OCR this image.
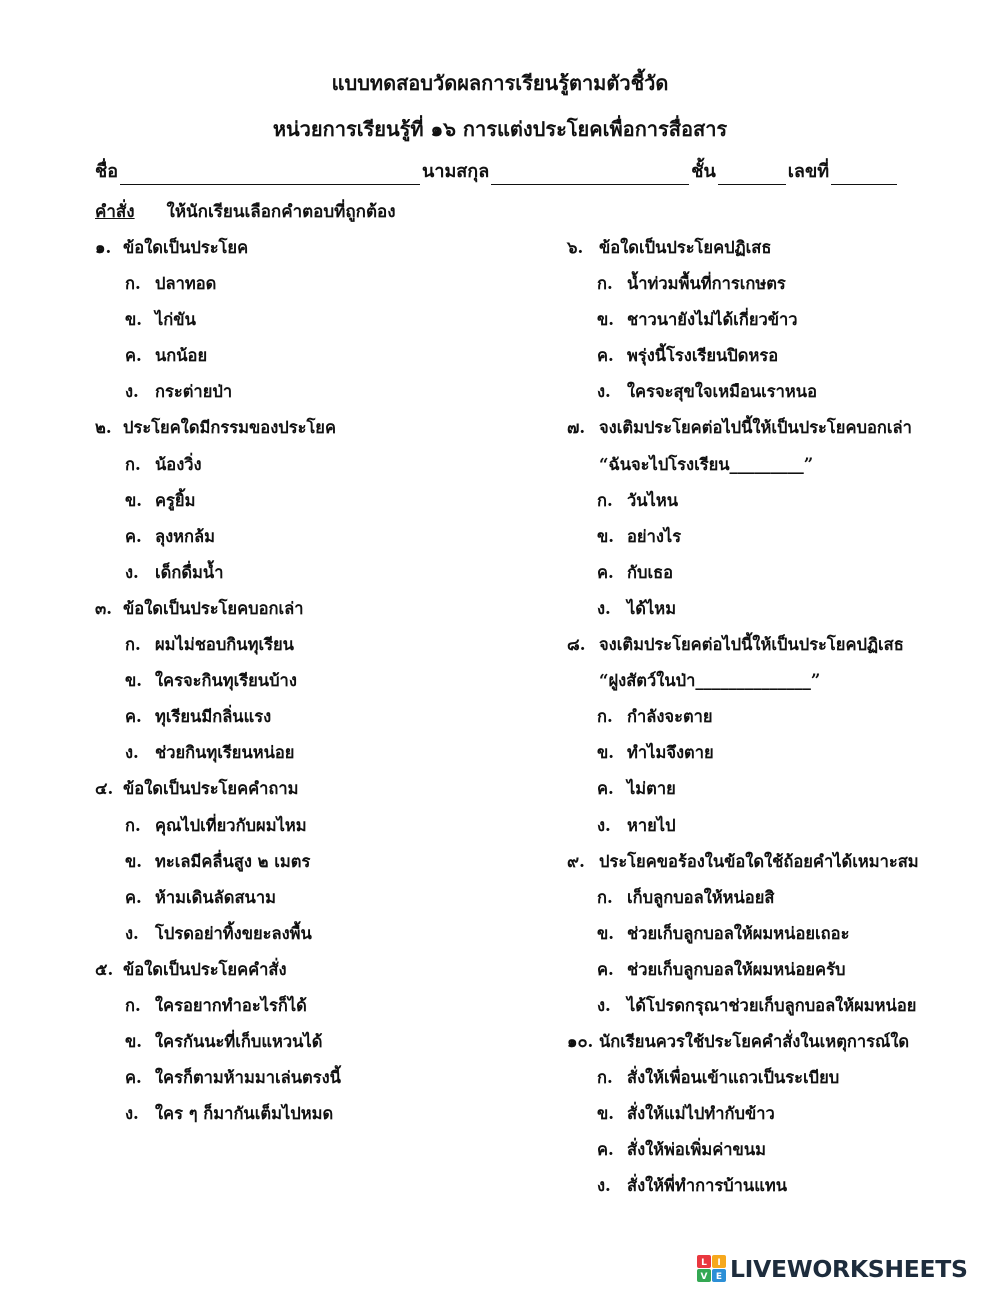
แบบทดสอบวัดผลการเรียนรู้ตามตัวชี้วัด
หน่วยการเรียนรู้ที่ ๑๖ การแต่งประโยคเพื่อการสื่อสาร
ชื่อ	นามสกุล	ชั้น	เลขที่
คำสั่ง ให้นักเรียนเลือกคำตอบที่ถูกต้อง
๑. ข้อใดเป็นประโยค
ก. ปลาทอด
ข. ไก่ขัน
ค. นกน้อย
ง. กระต่ายป่า
๒. ประโยคใดมีกรรมของประโยค
ก. น้องวิ่ง
ข. ครูยิ้ม
ค. ลุงหกล้ม
ง. เด็กดื่มน้ำ
๓. ข้อใดเป็นประโยคบอกเล่า
ก. ผมไม่ชอบกินทุเรียน
ข. ใครจะกินทุเรียนบ้าง
ค. ทุเรียนมีกลิ่นแรง
ง. ช่วยกินทุเรียนหน่อย
๔. ข้อใดเป็นประโยคคำถาม
ก. คุณไปเที่ยวกับผมไหม
ข. ทะเลมีคลื่นสูง ๒ เมตร
ค. ห้ามเดินลัดสนาม
ง. โปรดอย่าทิ้งขยะลงพื้น
๕. ข้อใดเป็นประโยคคำสั่ง
ก. ใครอยากทำอะไรก็ได้
ข. ใครกันนะที่เก็บแหวนได้
ค. ใครก็ตามห้ามมาเล่นตรงนี้
ง. ใคร ๆ ก็มากันเต็มไปหมด
๖. ข้อใดเป็นประโยคปฏิเสธ
ก. น้ำท่วมพื้นที่การเกษตร
ข. ชาวนายังไม่ได้เกี่ยวข้าว
ค. พรุ่งนี้โรงเรียนปิดหรอ
ง. ใครจะสุขใจเหมือนเราหนอ
๗. จงเติมประโยคต่อไปนี้ให้เป็นประโยคบอกเล่า
“ฉันจะไปโรงเรียน_________”
ก. วันไหน
ข. อย่างไร
ค. กับเธอ
ง. ได้ไหม
๘. จงเติมประโยคต่อไปนี้ให้เป็นประโยคปฏิเสธ
“ฝูงสัตว์ในป่า______________”
ก. กำลังจะตาย
ข. ทำไมจึงตาย
ค. ไม่ตาย
ง. หายไป
๙. ประโยคขอร้องในข้อใดใช้ถ้อยคำได้เหมาะสม
ก. เก็บลูกบอลให้หน่อยสิ
ข. ช่วยเก็บลูกบอลให้ผมหน่อยเถอะ
ค. ช่วยเก็บลูกบอลให้ผมหน่อยครับ
ง. ได้โปรดกรุณาช่วยเก็บลูกบอลให้ผมหน่อย
๑๐. นักเรียนควรใช้ประโยคคำสั่งในเหตุการณ์ใด
ก. สั่งให้เพื่อนเข้าแถวเป็นระเบียบ
ข. สั่งให้แม่ไปทำกับข้าว
ค. สั่งให้พ่อเพิ่มค่าขนม
ง. สั่งให้พี่ทำการบ้านแทน
L I
V E LIVEWORKSHEETS
